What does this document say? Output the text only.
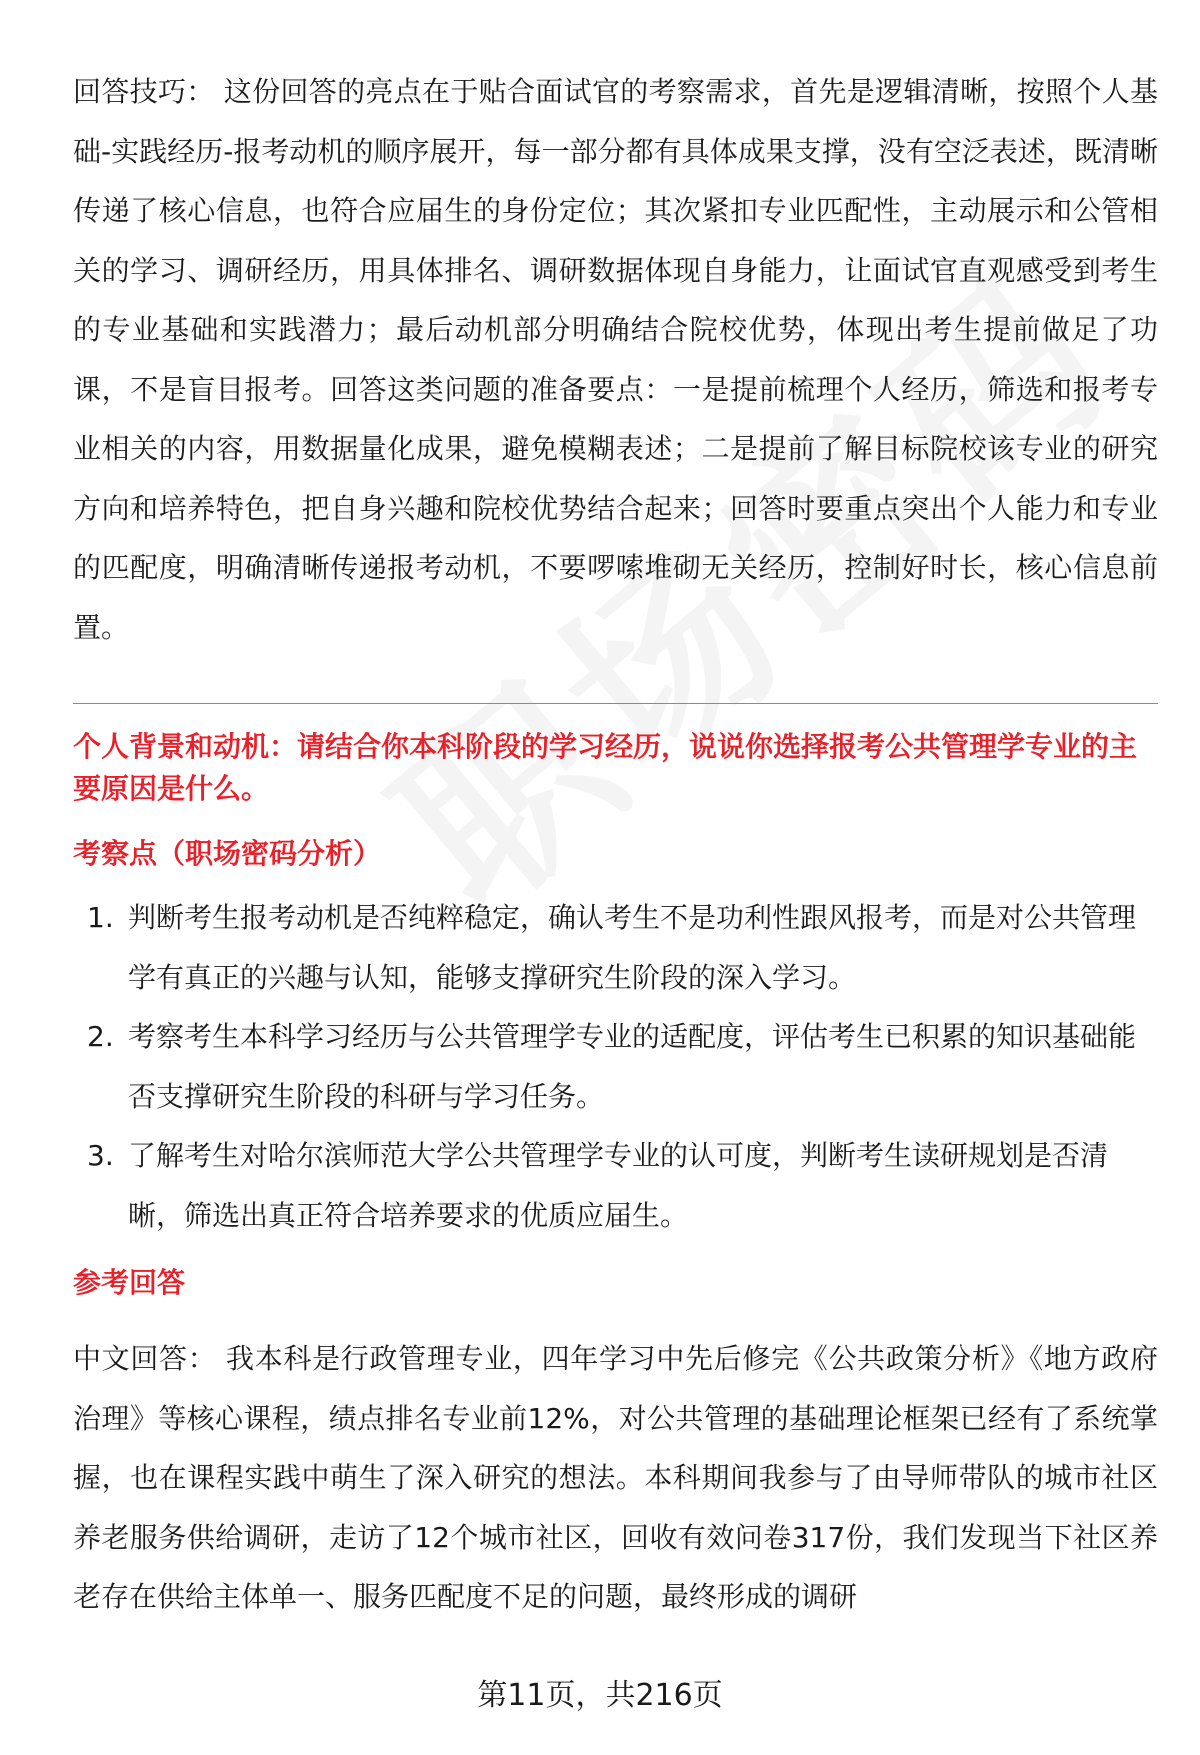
回答技巧： 这份回答的亮点在于贴合面试官的考察需求，首先是逻辑清晰，按照个人基础-实践经历-报考动机的顺序展开，每一部分都有具体成果支撑，没有空泛表述，既清晰传递了核心信息，也符合应届生的身份定位；其次紧扣专业匹配性，主动展示和公管相关的学习、调研经历，用具体排名、调研数据体现自身能力，让面试官直观感受到考生的专业基础和实践潜力；最后动机部分明确结合院校优势，体现出考生提前做足了功课，不是盲目报考。回答这类问题的准备要点：一是提前梳理个人经历，筛选和报考专业相关的内容，用数据量化成果，避免模糊表述；二是提前了解目标院校该专业的研究方向和培养特色，把自身兴趣和院校优势结合起来；回答时要重点突出个人能力和专业的匹配度，明确清晰传递报考动机，不要啰嗦堆砌无关经历，控制好时长，核心信息前置。

个人背景和动机：请结合你本科阶段的学习经历，说说你选择报考公共管理学专业的主要原因是什么。

考察点（职场密码分析）

1. 判断考生报考动机是否纯粹稳定，确认考生不是功利性跟风报考，而是对公共管理学有真正的兴趣与认知，能够支撑研究生阶段的深入学习。
2. 考察考生本科学习经历与公共管理学专业的适配度，评估考生已积累的知识基础能否支撑研究生阶段的科研与学习任务。
3. 了解考生对哈尔滨师范大学公共管理学专业的认可度，判断考生读研规划是否清晰，筛选出真正符合培养要求的优质应届生。

参考回答

中文回答： 我本科是行政管理专业，四年学习中先后修完《公共政策分析》《地方政府治理》等核心课程，绩点排名专业前12%，对公共管理的基础理论框架已经有了系统掌握，也在课程实践中萌生了深入研究的想法。本科期间我参与了由导师带队的城市社区养老服务供给调研，走访了12个城市社区，回收有效问卷317份，我们发现当下社区养老存在供给主体单一、服务匹配度不足的问题，最终形成的调研

第11页，共216页
